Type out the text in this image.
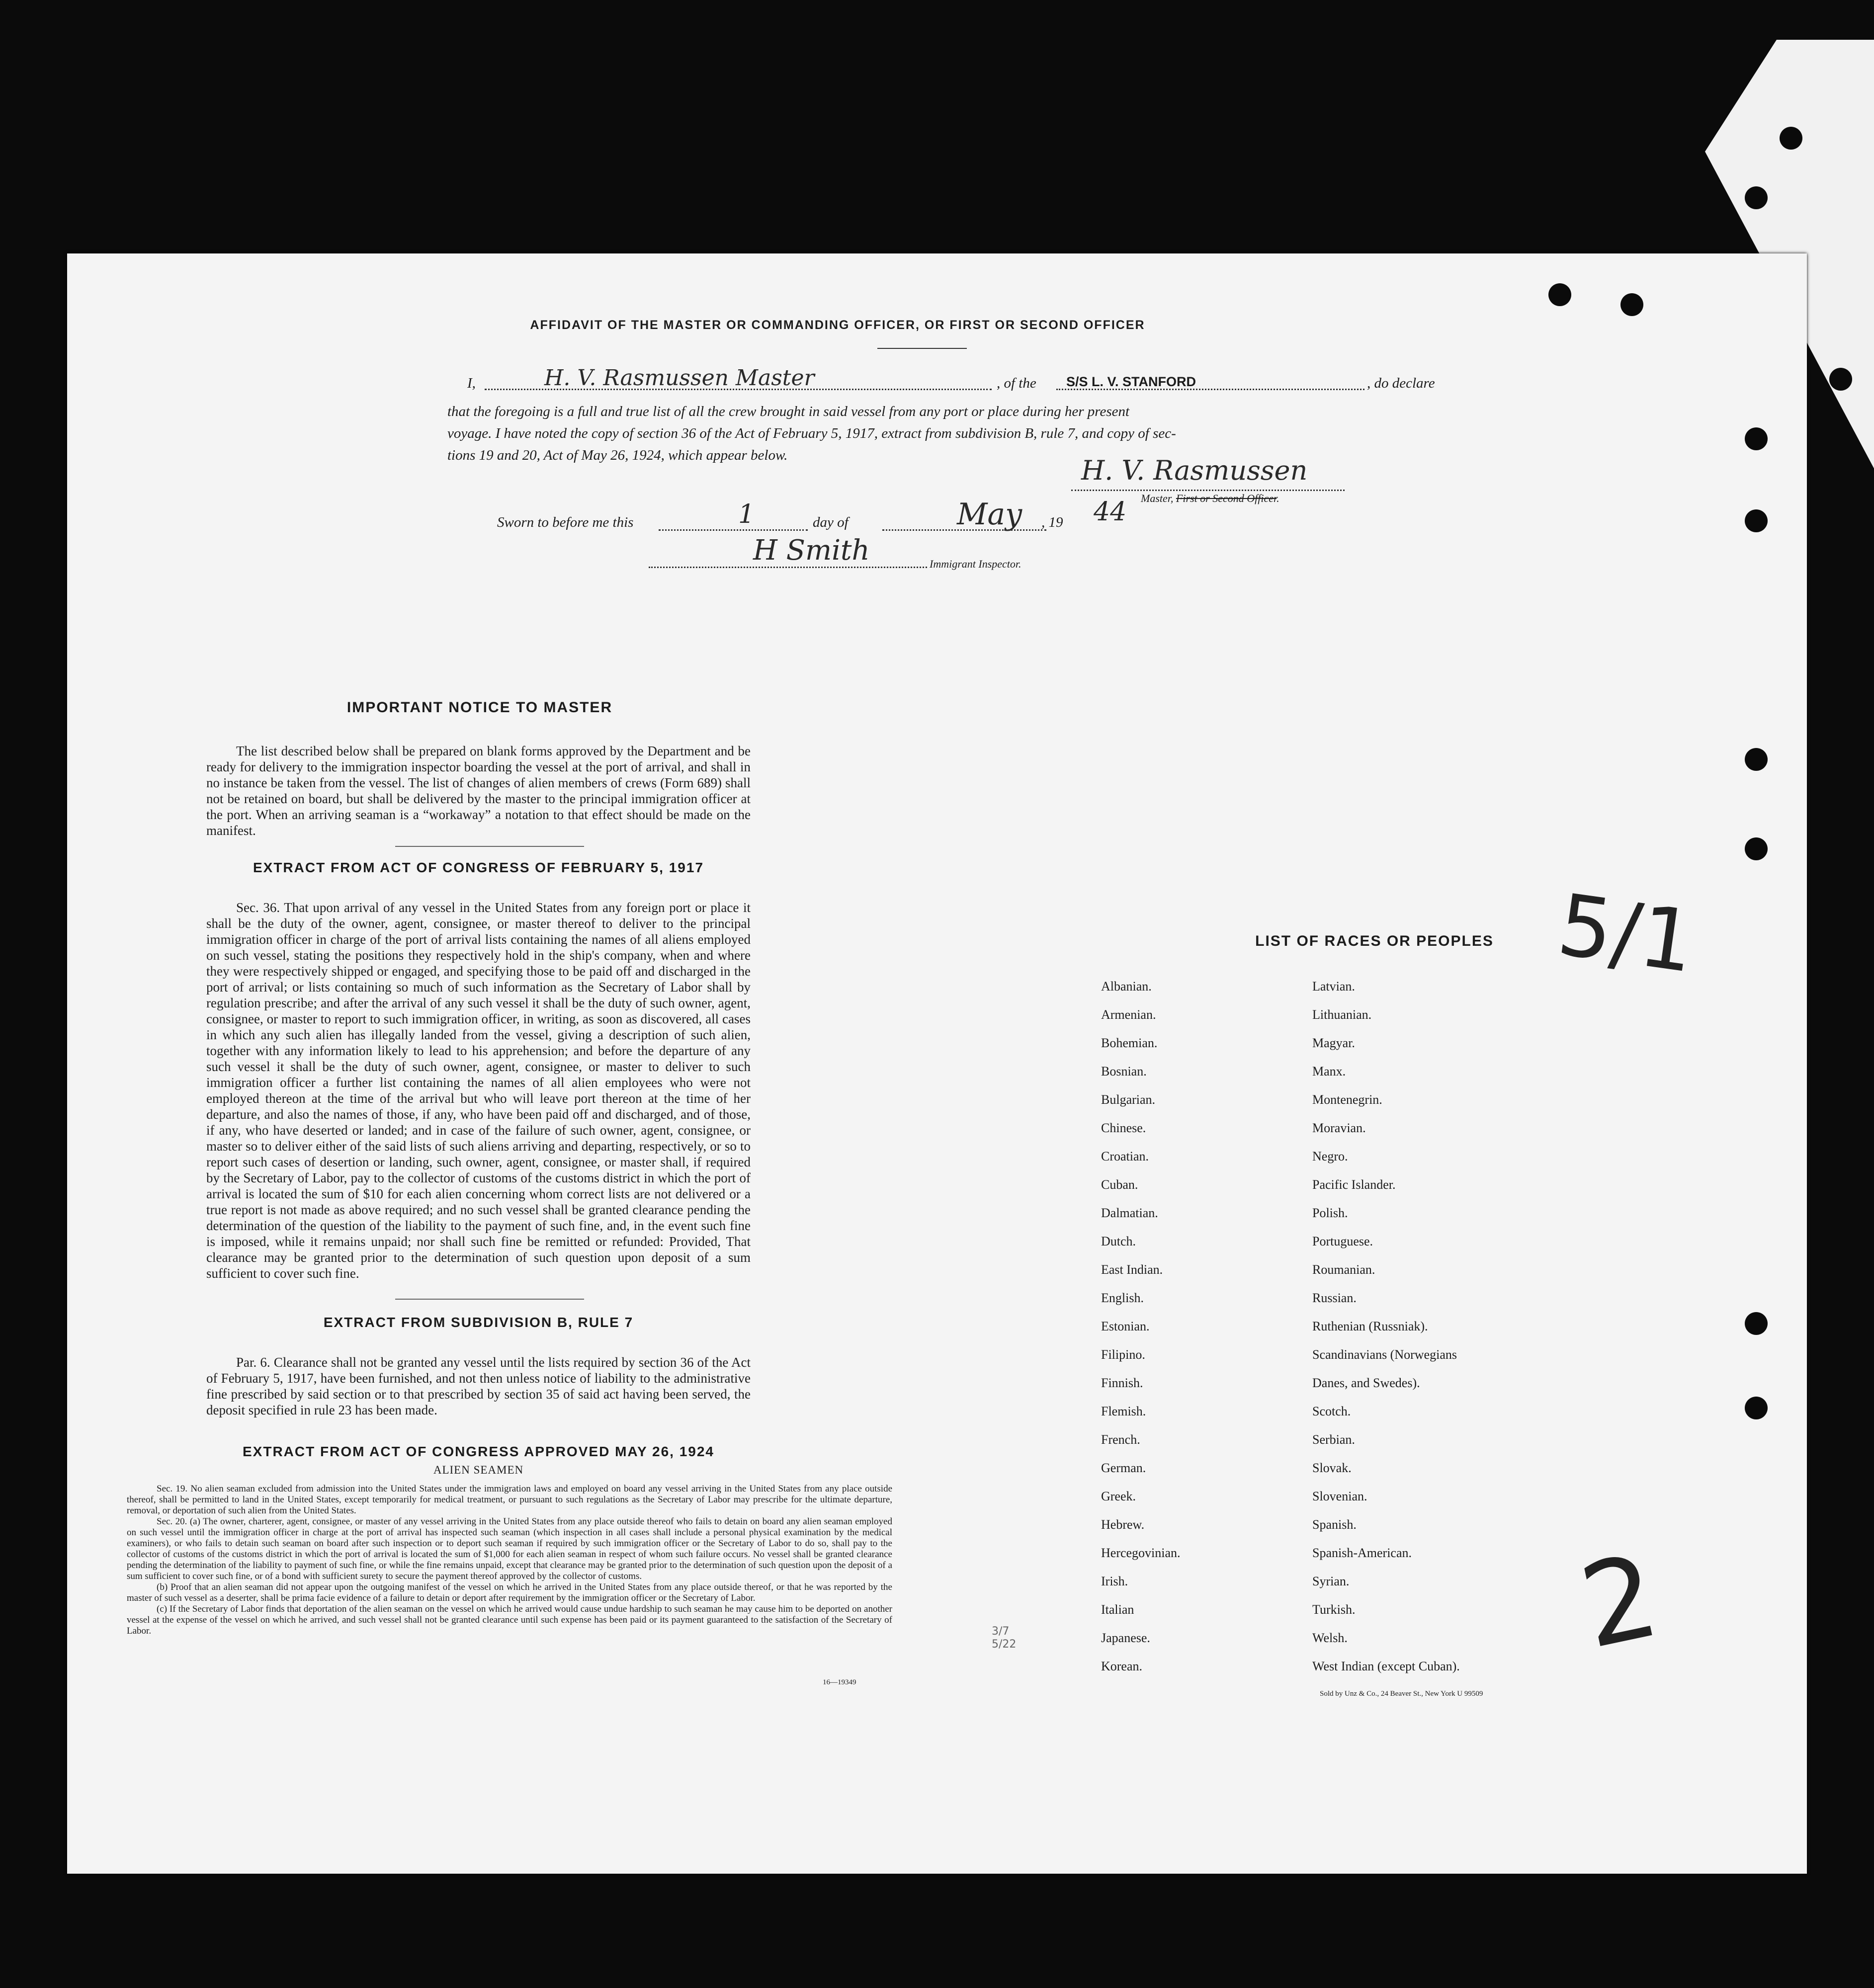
AFFIDAVIT OF THE MASTER OR COMMANDING OFFICER, OR FIRST OR SECOND OFFICER
I,	H. V. Rasmussen Master	, of the S/S L. V. STANFORD	, do declare
that the foregoing is a full and true list of all the crew brought in said vessel from any port or place during her present
voyage. I have noted the copy of section 36 of the Act of February 5, 1917, extract from subdivision B, rule 7, and copy of sec-
tions 19 and 20, Act of May 26, 1924, which appear below.	H. V. Rasmussen
Master, First or Second Officer.
Sworn to before me this	1	day of	May , 19 44
H Smith	Immigrant Inspector.
IMPORTANT NOTICE TO MASTER
The list described below shall be prepared on blank forms approved by the Department and be ready for delivery to the immigration inspector boarding the vessel at the port of arrival, and shall in no instance be taken from the vessel. The list of changes of alien members of crews (Form 689) shall not be retained on board, but shall be delivered by the master to the principal immigration officer at the port. When an arriving seaman is a “workaway” a notation to that effect should be made on the manifest.
EXTRACT FROM ACT OF CONGRESS OF FEBRUARY 5, 1917
Sec. 36. That upon arrival of any vessel in the United States from any foreign port or place it shall be the duty of the owner, agent, consignee, or master thereof to deliver to the principal immigration officer in charge of the port of arrival lists containing the names of all aliens employed on such vessel, stating the positions they respectively hold in the ship's company, when and where they were respectively shipped or engaged, and specifying those to be paid off and discharged in the port of arrival; or lists containing so much of such information as the Secretary of Labor shall by regulation prescribe; and after the arrival of any such vessel it shall be the duty of such owner, agent, consignee, or master to report to such immigration officer, in writing, as soon as discovered, all cases in which any such alien has illegally landed from the vessel, giving a description of such alien, together with any information likely to lead to his apprehension; and before the departure of any such vessel it shall be the duty of such owner, agent, consignee, or master to deliver to such immigration officer a further list containing the names of all alien employees who were not employed thereon at the time of the arrival but who will leave port thereon at the time of her departure, and also the names of those, if any, who have been paid off and discharged, and of those, if any, who have deserted or landed; and in case of the failure of such owner, agent, consignee, or master so to deliver either of the said lists of such aliens arriving and departing, respectively, or so to report such cases of desertion or landing, such owner, agent, consignee, or master shall, if required by the Secretary of Labor, pay to the collector of customs of the customs district in which the port of arrival is located the sum of $10 for each alien concerning whom correct lists are not delivered or a true report is not made as above required; and no such vessel shall be granted clearance pending the determination of the question of the liability to the payment of such fine, and, in the event such fine is imposed, while it remains unpaid; nor shall such fine be remitted or refunded: Provided, That clearance may be granted prior to the determination of such question upon deposit of a sum sufficient to cover such fine.
EXTRACT FROM SUBDIVISION B, RULE 7
Par. 6. Clearance shall not be granted any vessel until the lists required by section 36 of the Act of February 5, 1917, have been furnished, and not then unless notice of liability to the administrative fine prescribed by said section or to that prescribed by section 35 of said act having been served, the deposit specified in rule 23 has been made.
EXTRACT FROM ACT OF CONGRESS APPROVED MAY 26, 1924
ALIEN SEAMEN
Sec. 19. No alien seaman excluded from admission into the United States under the immigration laws and employed on board any vessel arriving in the United States from any place outside thereof, shall be permitted to land in the United States, except temporarily for medical treatment, or pursuant to such regulations as the Secretary of Labor may prescribe for the ultimate departure, removal, or deportation of such alien from the United States.
Sec. 20. (a) The owner, charterer, agent, consignee, or master of any vessel arriving in the United States from any place outside thereof who fails to detain on board any alien seaman employed on such vessel until the immigration officer in charge at the port of arrival has inspected such seaman (which inspection in all cases shall include a personal physical examination by the medical examiners), or who fails to detain such seaman on board after such inspection or to deport such seaman if required by such immigration officer or the Secretary of Labor to do so, shall pay to the collector of customs of the customs district in which the port of arrival is located the sum of $1,000 for each alien seaman in respect of whom such failure occurs. No vessel shall be granted clearance pending the determination of the liability to payment of such fine, or while the fine remains unpaid, except that clearance may be granted prior to the determination of such question upon the deposit of a sum sufficient to cover such fine, or of a bond with sufficient surety to secure the payment thereof approved by the collector of customs.
(b) Proof that an alien seaman did not appear upon the outgoing manifest of the vessel on which he arrived in the United States from any place outside thereof, or that he was reported by the master of such vessel as a deserter, shall be prima facie evidence of a failure to detain or deport after requirement by the immigration officer or the Secretary of Labor.
(c) If the Secretary of Labor finds that deportation of the alien seaman on the vessel on which he arrived would cause undue hardship to such seaman he may cause him to be deported on another vessel at the expense of the vessel on which he arrived, and such vessel shall not be granted clearance until such expense has been paid or its payment guaranteed to the satisfaction of the Secretary of Labor.
16—19349
LIST OF RACES OR PEOPLES
Albanian.
Armenian.
Bohemian.
Bosnian.
Bulgarian.
Chinese.
Croatian.
Cuban.
Dalmatian.
Dutch.
East Indian.
English.
Estonian.
Filipino.
Finnish.
Flemish.
French.
German.
Greek.
Hebrew.
Hercegovinian.
Irish.
Italian
Japanese.
Korean.
Latvian.
Lithuanian.
Magyar.
Manx.
Montenegrin.
Moravian.
Negro.
Pacific Islander.
Polish.
Portuguese.
Roumanian.
Russian.
Ruthenian (Russniak).
Scandinavians (Norwegians
Danes, and Swedes).
Scotch.
Serbian.
Slovak.
Slovenian.
Spanish.
Spanish-American.
Syrian.
Turkish.
Welsh.
West Indian (except Cuban).
Sold by Unz & Co., 24 Beaver St., New York U 99509
5/1
2
3/7 5/22
